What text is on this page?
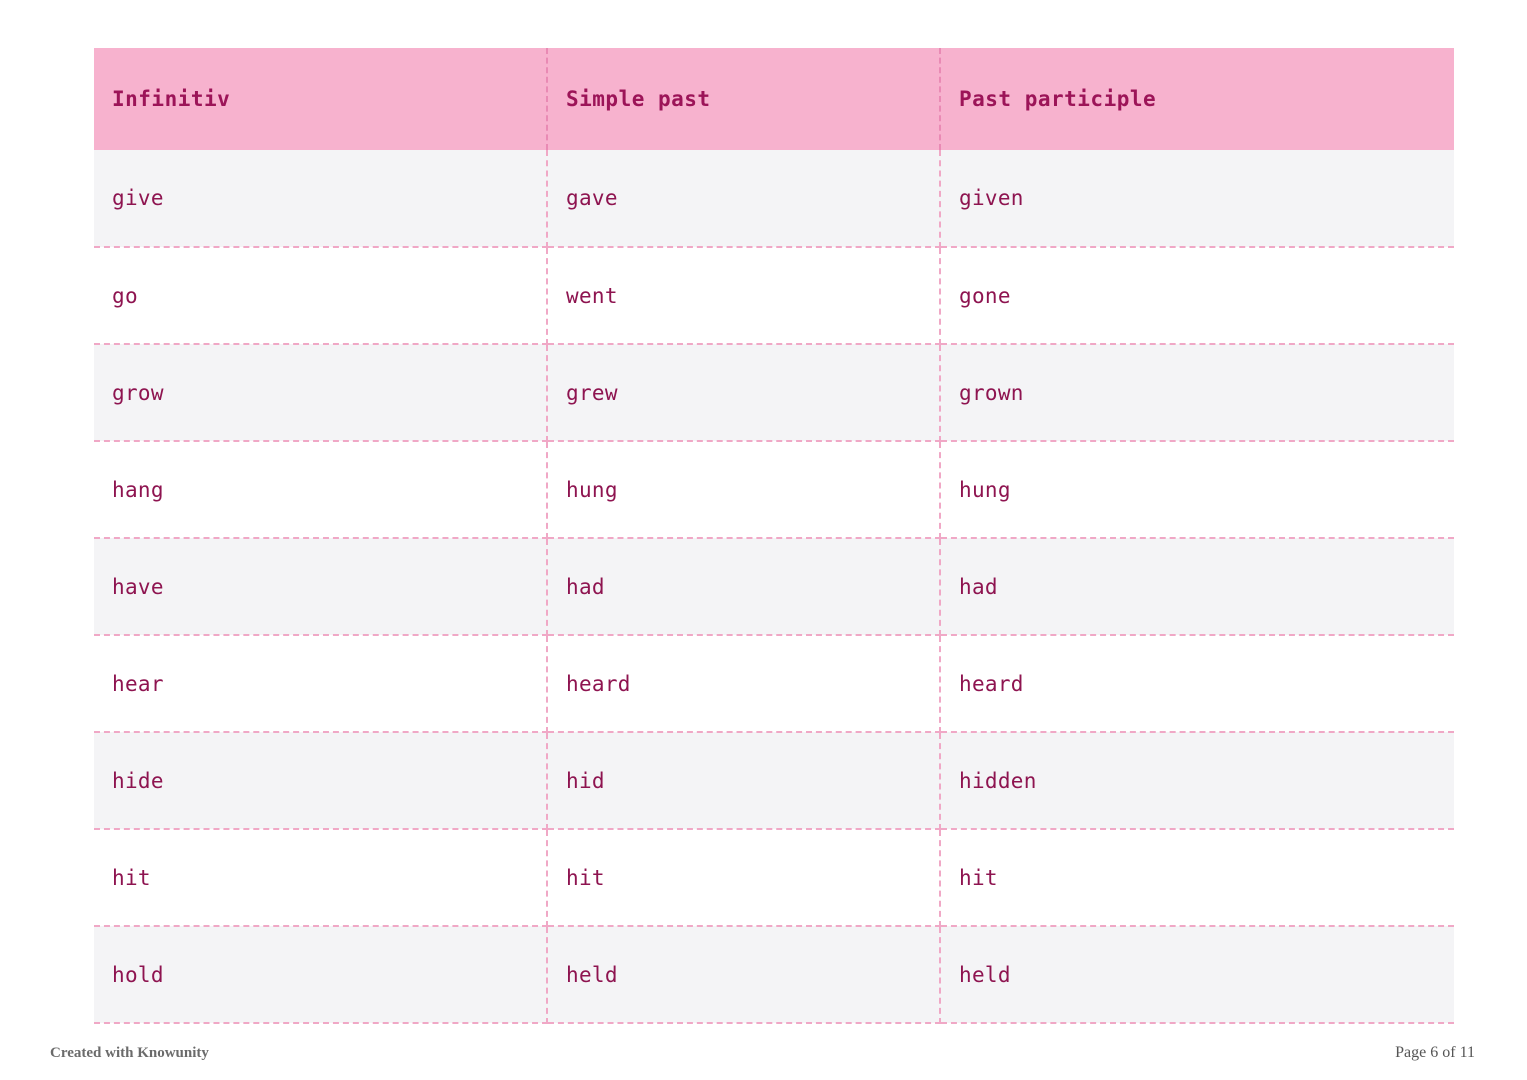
Infinitiv	Simple past	Past participle
give	gave	given
go	went	gone
grow	grew	grown
hang	hung	hung
have	had	had
hear	heard	heard
hide	hid	hidden
hit	hit	hit
hold	held	held
Created with Knowunity	Page 6 of 11
